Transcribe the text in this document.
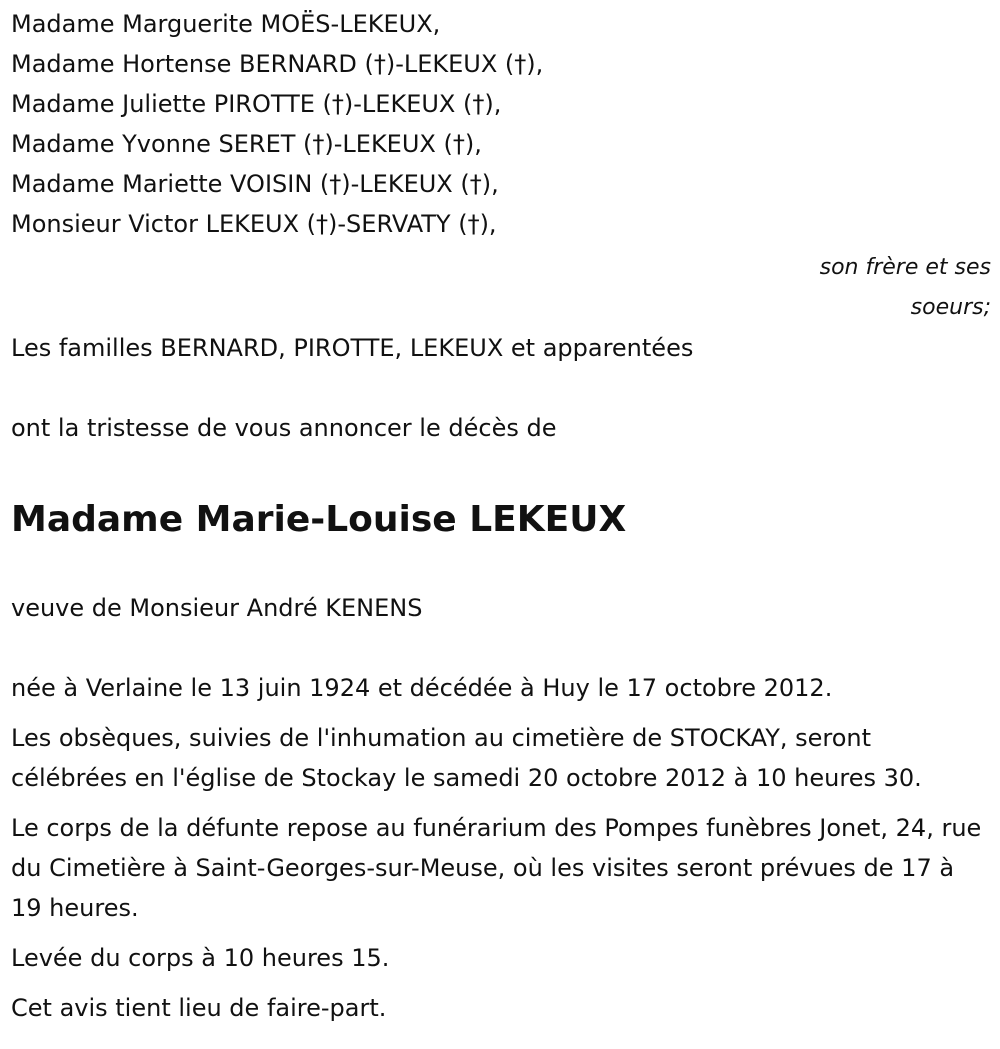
Madame Marguerite MOËS-LEKEUX,

Madame Hortense BERNARD (†)-LEKEUX (†),

Madame Juliette PIROTTE (†)-LEKEUX (†),

Madame Yvonne SERET (†)-LEKEUX (†),

Madame Mariette VOISIN (†)-LEKEUX (†),

Monsieur Victor LEKEUX (†)-SERVATY (†),

son frère et ses
soeurs;

Les familles BERNARD, PIROTTE, LEKEUX et apparentées

ont la tristesse de vous annoncer le décès de

Madame Marie-Louise LEKEUX

veuve de Monsieur André KENENS

née à Verlaine le 13 juin 1924 et décédée à Huy le 17 octobre 2012.

Les obsèques, suivies de l'inhumation au cimetière de STOCKAY, seront célébrées en l'église de Stockay le samedi 20 octobre 2012 à 10 heures 30.

Le corps de la défunte repose au funérarium des Pompes funèbres Jonet, 24, rue du Cimetière à Saint-Georges-sur-Meuse, où les visites seront prévues de 17 à 19 heures.

Levée du corps à 10 heures 15.

Cet avis tient lieu de faire-part.
